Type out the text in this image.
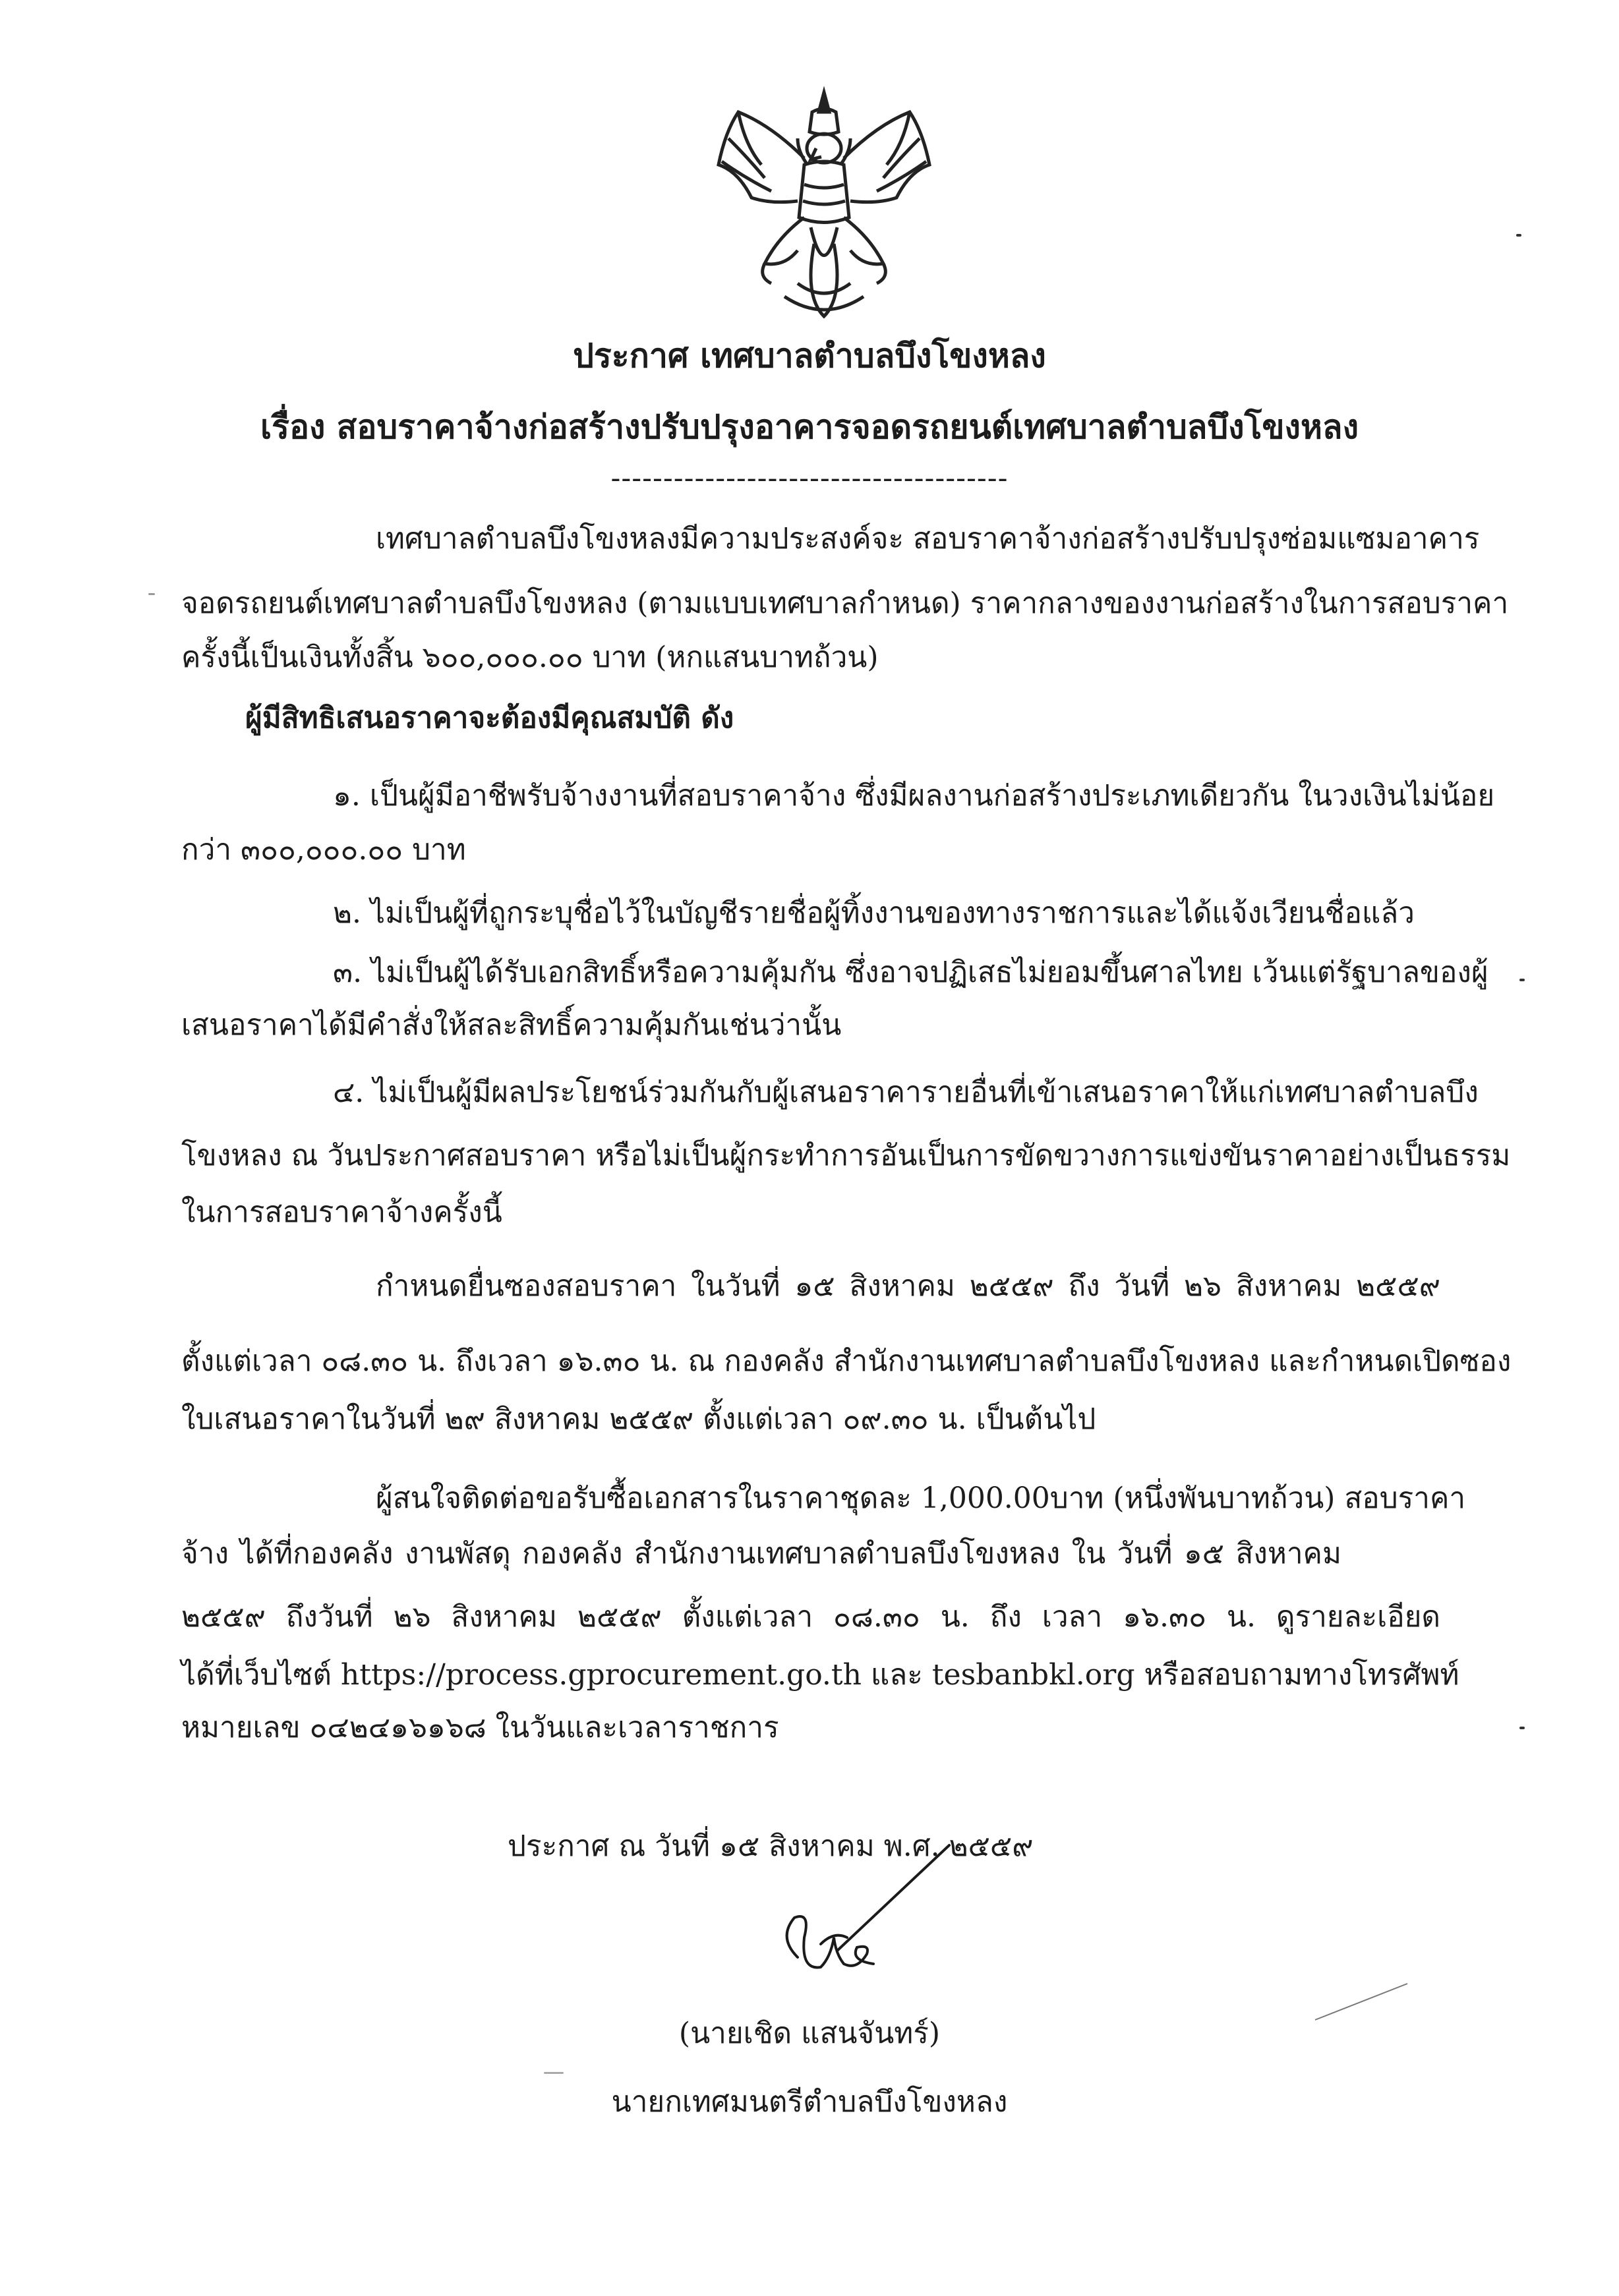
ประกาศ เทศบาลตำบลบึงโขงหลง
เรื่อง สอบราคาจ้างก่อสร้างปรับปรุงอาคารจอดรถยนต์เทศบาลตำบลบึงโขงหลง
--------------------------------------
เทศบาลตำบลบึงโขงหลงมีความประสงค์จะ สอบราคาจ้างก่อสร้างปรับปรุงซ่อมแซมอาคาร
จอดรถยนต์เทศบาลตำบลบึงโขงหลง (ตามแบบเทศบาลกำหนด) ราคากลางของงานก่อสร้างในการสอบราคา
ครั้งนี้เป็นเงินทั้งสิ้น ๖๐๐,๐๐๐.๐๐ บาท (หกแสนบาทถ้วน)
ผู้มีสิทธิเสนอราคาจะต้องมีคุณสมบัติ ดัง
๑. เป็นผู้มีอาชีพรับจ้างงานที่สอบราคาจ้าง ซึ่งมีผลงานก่อสร้างประเภทเดียวกัน ในวงเงินไม่น้อย
กว่า ๓๐๐,๐๐๐.๐๐ บาท
๒. ไม่เป็นผู้ที่ถูกระบุชื่อไว้ในบัญชีรายชื่อผู้ทิ้งงานของทางราชการและได้แจ้งเวียนชื่อแล้ว
๓. ไม่เป็นผู้ได้รับเอกสิทธิ์หรือความคุ้มกัน ซึ่งอาจปฏิเสธไม่ยอมขึ้นศาลไทย เว้นแต่รัฐบาลของผู้
เสนอราคาได้มีคำสั่งให้สละสิทธิ์ความคุ้มกันเช่นว่านั้น
๔. ไม่เป็นผู้มีผลประโยชน์ร่วมกันกับผู้เสนอราคารายอื่นที่เข้าเสนอราคาให้แก่เทศบาลตำบลบึง
โขงหลง ณ วันประกาศสอบราคา หรือไม่เป็นผู้กระทำการอันเป็นการขัดขวางการแข่งขันราคาอย่างเป็นธรรม
ในการสอบราคาจ้างครั้งนี้
กำหนดยื่นซองสอบราคา ในวันที่ ๑๕ สิงหาคม ๒๕๕๙ ถึง วันที่ ๒๖ สิงหาคม ๒๕๕๙
ตั้งแต่เวลา ๐๘.๓๐ น. ถึงเวลา ๑๖.๓๐ น. ณ กองคลัง สำนักงานเทศบาลตำบลบึงโขงหลง และกำหนดเปิดซอง
ใบเสนอราคาในวันที่ ๒๙ สิงหาคม ๒๕๕๙ ตั้งแต่เวลา ๐๙.๓๐ น. เป็นต้นไป
ผู้สนใจติดต่อขอรับซื้อเอกสารในราคาชุดละ 1,000.00บาท (หนึ่งพันบาทถ้วน) สอบราคา
จ้าง ได้ที่กองคลัง งานพัสดุ กองคลัง สำนักงานเทศบาลตำบลบึงโขงหลง ใน วันที่ ๑๕ สิงหาคม
๒๕๕๙ ถึงวันที่ ๒๖ สิงหาคม ๒๕๕๙ ตั้งแต่เวลา ๐๘.๓๐ น. ถึง เวลา ๑๖.๓๐ น. ดูรายละเอียด
ได้ที่เว็บไซต์ https://process.gprocurement.go.th และ tesbanbkl.org หรือสอบถามทางโทรศัพท์
หมายเลข ๐๔๒๔๑๖๑๖๘ ในวันและเวลาราชการ
ประกาศ ณ วันที่ ๑๕ สิงหาคม พ.ศ. ๒๕๕๙
(นายเชิด แสนจันทร์)
นายกเทศมนตรีตำบลบึงโขงหลง
